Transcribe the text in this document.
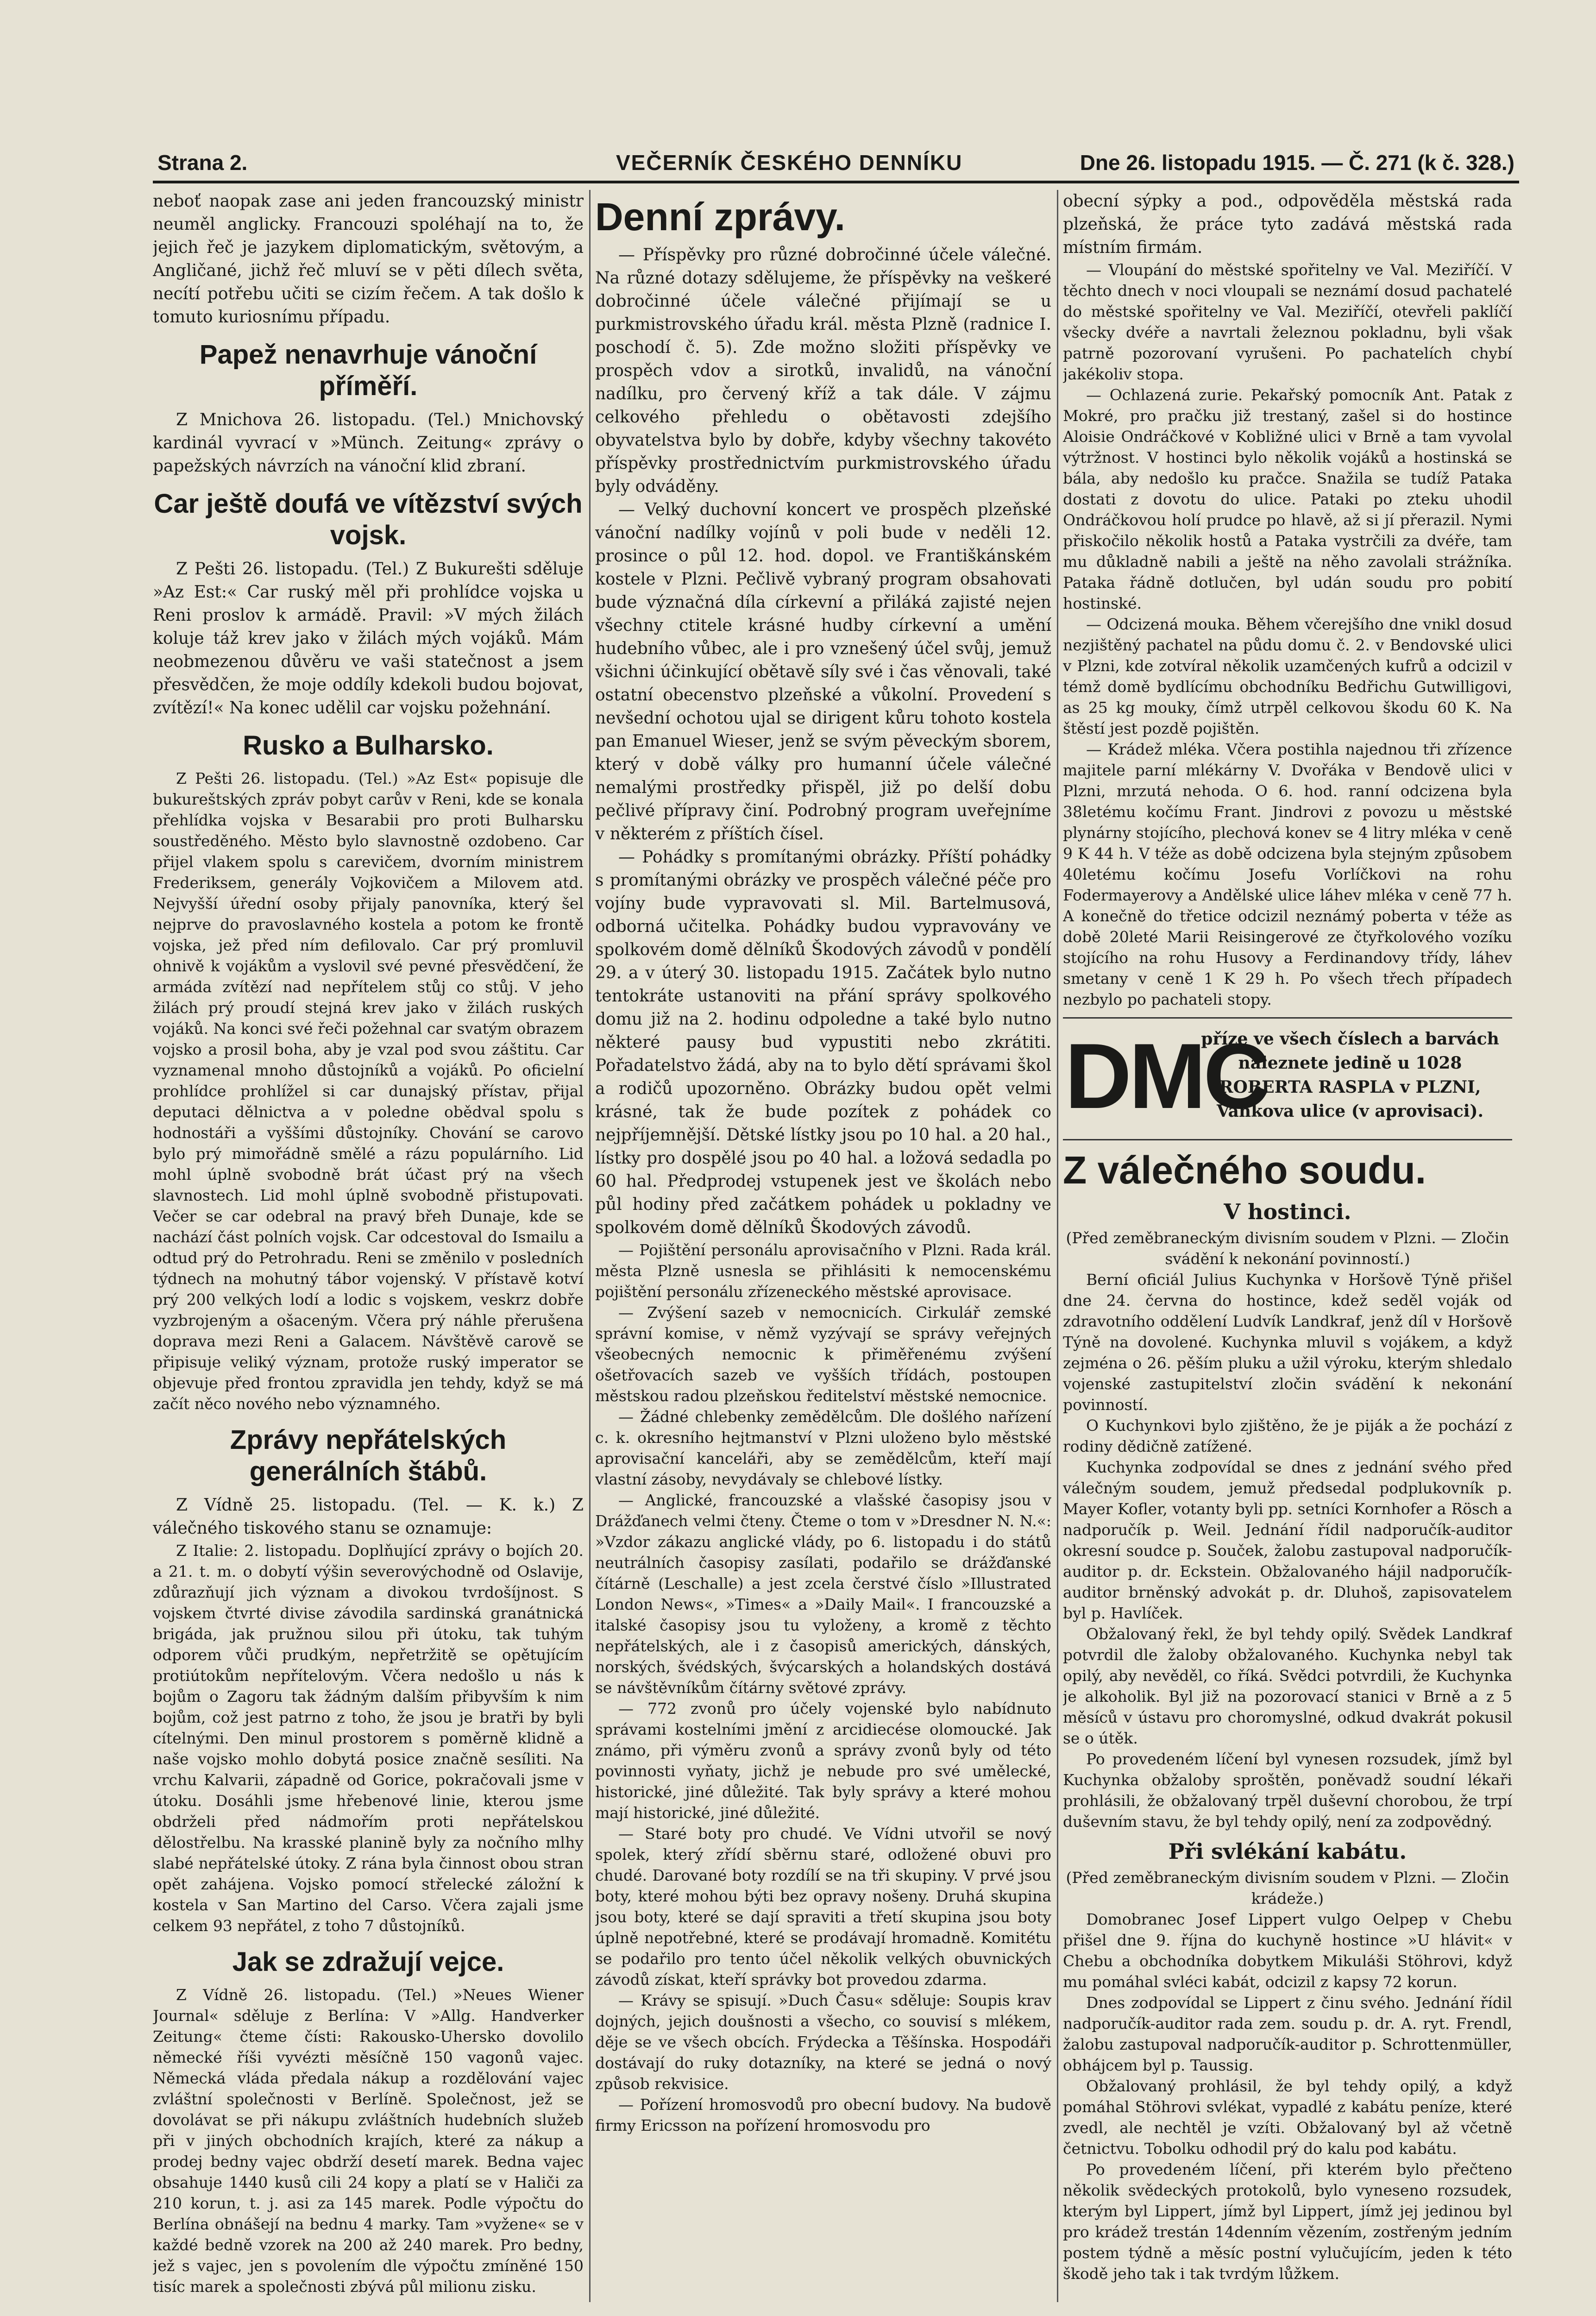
Strana 2.	VEČERNÍK ČESKÉHO DENNÍKU	Dne 26. listopadu 1915. — Č. 271 (k č. 328.)

neboť naopak zase ani jeden francouzský ministr neuměl anglicky. Francouzi spoléhají na to, že jejich řeč je jazykem diplomatickým, světovým, a Angličané, jichž řeč mluví se v pěti dílech světa, necítí potřebu učiti se cizím řečem. A tak došlo k tomuto kuriosnímu případu.

Papež nenavrhuje vánoční příměří.

Z Mnichova 26. listopadu. (Tel.) Mnichovský kardinál vyvrací v »Münch. Zeitung« zprávy o papežských návrzích na vánoční klid zbraní.

Car ještě doufá ve vítězství svých vojsk.

Z Pešti 26. listopadu. (Tel.) Z Bukurešti sděluje »Az Est:« Car ruský měl při prohlídce vojska u Reni proslov k armádě. Pravil: »V mých žilách koluje táž krev jako v žilách mých vojáků. Mám neobmezenou důvěru ve vaši statečnost a jsem přesvědčen, že moje oddíly kdekoli budou bojovat, zvítězí!« Na konec udělil car vojsku požehnání.

Rusko a Bulharsko.

Z Pešti 26. listopadu. (Tel.) »Az Est« popisuje dle bukureštských zpráv pobyt carův v Reni, kde se konala přehlídka vojska v Besarabii pro proti Bulharsku soustředěného. Město bylo slavnostně ozdobeno. Car přijel vlakem spolu s carevičem, dvorním ministrem Frederiksem, generály Vojkovičem a Milovem atd. Nejvyšší úřední osoby přijaly panovníka, který šel nejprve do pravoslavného kostela a potom ke frontě vojska, jež před ním defilovalo. Car prý promluvil ohnivě k vojákům a vyslovil své pevné přesvědčení, že armáda zvítězí nad nepřítelem stůj co stůj. V jeho žilách prý proudí stejná krev jako v žilách ruských vojáků. Na konci své řeči požehnal car svatým obrazem vojsko a prosil boha, aby je vzal pod svou záštitu. Car vyznamenal mnoho důstojníků a vojáků. Po oficielní prohlídce prohlížel si car dunajský přístav, přijal deputaci dělnictva a v poledne obědval spolu s hodnostáři a vyššími důstojníky. Chování se carovo bylo prý mimořádně smělé a rázu populárního. Lid mohl úplně svobodně brát účast prý na všech slavnostech. Lid mohl úplně svobodně přistupovati. Večer se car odebral na pravý břeh Dunaje, kde se nachází část polních vojsk. Car odcestoval do Ismailu a odtud prý do Petrohradu. Reni se změnilo v posledních týdnech na mohutný tábor vojenský. V přístavě kotví prý 200 velkých lodí a lodic s vojskem, veskrz dobře vyzbrojeným a ošaceným. Včera prý náhle přerušena doprava mezi Reni a Galacem. Návštěvě carově se připisuje veliký význam, protože ruský imperator se objevuje před frontou zpravidla jen tehdy, když se má začít něco nového nebo významného.

Zprávy nepřátelských generálních štábů.

Z Vídně 25. listopadu. (Tel. — K. k.) Z válečného tiskového stanu se oznamuje:

Z Italie: 2. listopadu. Doplňující zprávy o bojích 20. a 21. t. m. o dobytí výšin severovýchodně od Oslavije, zdůrazňují jich význam a divokou tvrdošíjnost. S vojskem čtvrté divise závodila sardinská granátnická brigáda, jak pružnou silou při útoku, tak tuhým odporem vůči prudkým, nepřetržitě se opětujícím protiútokům nepřítelovým. Včera nedošlo u nás k bojům o Zagoru tak žádným dalším přibyvším k nim bojům, což jest patrno z toho, že jsou je bratři by byli cítelnými. Den minul prostorem s poměrně klidně a naše vojsko mohlo dobytá posice značně sesíliti. Na vrchu Kalvarii, západně od Gorice, pokračovali jsme v útoku. Dosáhli jsme hřebenové linie, kterou jsme obdrželi před nádmořím proti nepřátelskou dělostřelbu. Na krasské planině byly za nočního mlhy slabé nepřátelské útoky. Z rána byla činnost obou stran opět zahájena. Vojsko pomocí střelecké záložní k kostela v San Martino del Carso. Včera zajali jsme celkem 93 nepřátel, z toho 7 důstojníků.

Jak se zdražují vejce.

Z Vídně 26. listopadu. (Tel.) »Neues Wiener Journal« sděluje z Berlína: V »Allg. Handverker Zeitung« čteme čísti: Rakousko-Uhersko dovolilo německé říši vyvézti měsíčně 150 vagonů vajec. Německá vláda předala nákup a rozdělování vajec zvláštní společnosti v Berlíně. Společnost, jež se dovolávat se při nákupu zvláštních hudebních služeb při v jiných obchodních krajích, které za nákup a prodej bedny vajec obdrží desetí marek. Bedna vajec obsahuje 1440 kusů cili 24 kopy a platí se v Haliči za 210 korun, t. j. asi za 145 marek. Podle výpočtu do Berlína obnášejí na bednu 4 marky. Tam »vyžene« se v každé bedně vzorek na 200 až 240 marek. Pro bedny, jež s vajec, jen s povolením dle výpočtu zmíněné 150 tisíc marek a společnosti zbývá půl milionu zisku.

Denní zprávy.

— Příspěvky pro různé dobročinné účele válečné. Na různé dotazy sdělujeme, že příspěvky na veškeré dobročinné účele válečné přijímají se u purkmistrovského úřadu král. města Plzně (radnice I. poschodí č. 5). Zde možno složiti příspěvky ve prospěch vdov a sirotků, invalidů, na vánoční nadílku, pro červený kříž a tak dále. V zájmu celkového přehledu o obětavosti zdejšího obyvatelstva bylo by dobře, kdyby všechny takovéto příspěvky prostřednictvím purkmistrovského úřadu byly odváděny.

— Velký duchovní koncert ve prospěch plzeňské vánoční nadílky vojínů v poli bude v neděli 12. prosince o půl 12. hod. dopol. ve Františkánském kostele v Plzni. Pečlivě vybraný program obsahovati bude význačná díla církevní a přiláká zajisté nejen všechny ctitele krásné hudby církevní a umění hudebního vůbec, ale i pro vznešený účel svůj, jemuž všichni účinkující obětavě síly své i čas věnovali, také ostatní obecenstvo plzeňské a vůkolní. Provedení s nevšední ochotou ujal se dirigent kůru tohoto kostela pan Emanuel Wieser, jenž se svým pěveckým sborem, který v době války pro humanní účele válečné nemalými prostředky přispěl, již po delší dobu pečlivé přípravy činí. Podrobný program uveřejníme v některém z příštích čísel.

— Pohádky s promítanými obrázky. Příští pohádky s promítanými obrázky ve prospěch válečné péče pro vojíny bude vypravovati sl. Mil. Bartelmusová, odborná učitelka. Pohádky budou vypravovány ve spolkovém domě dělníků Škodových závodů v pondělí 29. a v úterý 30. listopadu 1915. Začátek bylo nutno tentokráte ustanoviti na přání správy spolkového domu již na 2. hodinu odpoledne a také bylo nutno některé pausy bud vypustiti nebo zkrátiti. Pořadatelstvo žádá, aby na to bylo dětí správami škol a rodičů upozorněno. Obrázky budou opět velmi krásné, tak že bude pozítek z pohádek co nejpříjemnější. Dětské lístky jsou po 10 hal. a 20 hal., lístky pro dospělé jsou po 40 hal. a ložová sedadla po 60 hal. Předprodej vstupenek jest ve školách nebo půl hodiny před začátkem pohádek u pokladny ve spolkovém domě dělníků Škodových závodů.

— Pojištění personálu aprovisačního v Plzni. Rada král. města Plzně usnesla se přihlásiti k nemocenskému pojištění personálu zřízeneckého městské aprovisace.

— Zvýšení sazeb v nemocnicích. Cirkulář zemské správní komise, v němž vyzývají se správy veřejných všeobecných nemocnic k přiměřenému zvýšení ošetřovacích sazeb ve vyšších třídách, postoupen městskou radou plzeňskou ředitelství městské nemocnice.

— Žádné chlebenky zemědělcům. Dle došlého nařízení c. k. okresního hejtmanství v Plzni uloženo bylo městské aprovisační kanceláři, aby se zemědělcům, kteří mají vlastní zásoby, nevydávaly se chlebové lístky.

— Anglické, francouzské a vlašské časopisy jsou v Drážďanech velmi čteny. Čteme o tom v »Dresdner N. N.«: »Vzdor zákazu anglické vlády, po 6. listopadu i do států neutrálních časopisy zasílati, podařilo se drážďanské čítárně (Leschalle) a jest zcela čerstvé číslo »Illustrated London News«, »Times« a »Daily Mail«. I francouzské a italské časopisy jsou tu vyloženy, a kromě z těchto nepřátelských, ale i z časopisů amerických, dánských, norských, švédských, švýcarských a holandských dostává se návštěvníkům čítárny světové zprávy.

— 772 zvonů pro účely vojenské bylo nabídnuto správami kostelními jmění z arcidiecése olomoucké. Jak známo, při výměru zvonů a správy zvonů byly od této povinnosti vyňaty, jichž je nebude pro své umělecké, historické, jiné důležité. Tak byly správy a které mohou mají historické, jiné důležité.

— Staré boty pro chudé. Ve Vídni utvořil se nový spolek, který zřídí sběrnu staré, odložené obuvi pro chudé. Darované boty rozdílí se na tři skupiny. V prvé jsou boty, které mohou býti bez opravy nošeny. Druhá skupina jsou boty, které se dají spraviti a třetí skupina jsou boty úplně nepotřebné, které se prodávají hromadně. Komitétu se podařilo pro tento účel několik velkých obuvnických závodů získat, kteří správky bot provedou zdarma.

— Krávy se spisují. »Duch Času« sděluje: Soupis krav dojných, jejich doušnosti a všecho, co souvisí s mlékem, děje se ve všech obcích. Frýdecka a Těšínska. Hospodáři dostávají do ruky dotazníky, na které se jedná o nový způsob rekvisice.

— Pořízení hromosvodů pro obecní budovy. Na budově firmy Ericsson na pořízení hromosvodu pro

obecní sýpky a pod., odpověděla městská rada plzeňská, že práce tyto zadává městská rada místním firmám.

— Vloupání do městské spořitelny ve Val. Meziříčí. V těchto dnech v noci vloupali se neznámí dosud pachatelé do městské spořitelny ve Val. Meziříčí, otevřeli paklíčí všecky dvéře a navrtali železnou pokladnu, byli však patrně pozorovaní vyrušeni. Po pachatelích chybí jakékoliv stopa.

— Ochlazená zurie. Pekařský pomocník Ant. Patak z Mokré, pro pračku již trestaný, zašel si do hostince Aloisie Ondráčkové v Kobližné ulici v Brně a tam vyvolal výtržnost. V hostinci bylo několik vojáků a hostinská se bála, aby nedošlo ku pračce. Snažila se tudíž Pataka dostati z dovotu do ulice. Pataki po zteku uhodil Ondráčkovou holí prudce po hlavě, až si jí přerazil. Nymi přiskočilo několik hostů a Pataka vystrčili za dvéře, tam mu důkladně nabili a ještě na něho zavolali strážníka. Pataka řádně dotlučen, byl udán soudu pro pobití hostinské.

— Odcizená mouka. Během včerejšího dne vnikl dosud nezjištěný pachatel na půdu domu č. 2. v Bendovské ulici v Plzni, kde zotvíral několik uzamčených kufrů a odcizil v témž domě bydlícímu obchodníku Bedřichu Gutwilligovi, as 25 kg mouky, čímž utrpěl celkovou škodu 60 K. Na štěstí jest pozdě pojištěn.

— Krádež mléka. Včera postihla najednou tři zřízence majitele parní mlékárny V. Dvořáka v Bendově ulici v Plzni, mrzutá nehoda. O 6. hod. ranní odcizena byla 38letému kočímu Frant. Jindrovi z povozu u městské plynárny stojícího, plechová konev se 4 litry mléka v ceně 9 K 44 h. V téže as době odcizena byla stejným způsobem 40letému kočímu Josefu Vorlíčkovi na rohu Fodermayerovy a Andělské ulice láhev mléka v ceně 77 h. A konečně do třetice odcizil neznámý poberta v téže as době 20leté Marii Reisingerové ze čtyřkolového vozíku stojícího na rohu Husovy a Ferdinandovy třídy, láhev smetany v ceně 1 K 29 h. Po všech třech případech nezbylo po pachateli stopy.

DMC
příze ve všech číslech a barvách
naleznete jedině u 1028
ROBERTA RASPLA v PLZNI,
Vankova ulice (v aprovisaci).
Z válečného soudu.
V hostinci.

(Před zeměbraneckým divisním soudem v Plzni. — Zločin svádění k nekonání povinností.)

Berní oficiál Julius Kuchynka v Horšově Týně přišel dne 24. června do hostince, kdež seděl voják od zdravotního oddělení Ludvík Landkraf, jenž díl v Horšově Týně na dovolené. Kuchynka mluvil s vojákem, a když zejména o 26. pěším pluku a užil výroku, kterým shledalo vojenské zastupitelství zločin svádění k nekonání povinností.

O Kuchynkovi bylo zjištěno, že je piják a že pochází z rodiny dědičně zatížené.

Kuchynka zodpovídal se dnes z jednání svého před válečným soudem, jemuž předsedal podplukovník p. Mayer Kofler, votanty byli pp. setníci Kornhofer a Rösch a nadporučík p. Weil. Jednání řídil nadporučík-auditor okresní soudce p. Souček, žalobu zastupoval nadporučík-auditor p. dr. Eckstein. Obžalovaného hájil nadporučík-auditor brněnský advokát p. dr. Dluhoš, zapisovatelem byl p. Havlíček.

Obžalovaný řekl, že byl tehdy opilý. Svědek Landkraf potvrdil dle žaloby obžalovaného. Kuchynka nebyl tak opilý, aby nevěděl, co říká. Svědci potvrdili, že Kuchynka je alkoholik. Byl již na pozorovací stanici v Brně a z 5 měsíců v ústavu pro choromyslné, odkud dvakrát pokusil se o útěk.

Po provedeném líčení byl vynesen rozsudek, jímž byl Kuchynka obžaloby sproštěn, poněvadž soudní lékaři prohlásili, že obžalovaný trpěl duševní chorobou, že trpí duševním stavu, že byl tehdy opilý, není za zodpovědný.

Při svlékání kabátu.

(Před zeměbraneckým divisním soudem v Plzni. — Zločin krádeže.)

Domobranec Josef Lippert vulgo Oelpep v Chebu přišel dne 9. října do kuchyně hostince »U hlávit« v Chebu a obchodníka dobytkem Mikuláši Stöhrovi, když mu pomáhal svléci kabát, odcizil z kapsy 72 korun.

Dnes zodpovídal se Lippert z činu svého. Jednání řídil nadporučík-auditor rada zem. soudu p. dr. A. ryt. Frendl, žalobu zastupoval nadporučík-auditor p. Schrottenmüller, obhájcem byl p. Taussig.

Obžalovaný prohlásil, že byl tehdy opilý, a když pomáhal Stöhrovi svlékat, vypadlé z kabátu peníze, které zvedl, ale nechtěl je vzíti. Obžalovaný byl až včetně četnictvu. Tobolku odhodil prý do kalu pod kabátu.

Po provedeném líčení, při kterém bylo přečteno několik svědeckých protokolů, bylo vyneseno rozsudek, kterým byl Lippert, jímž byl Lippert, jímž jej jedinou byl pro krádež trestán 14denním vězením, zostřeným jedním postem týdně a měsíc postní vylučujícím, jeden k této škodě jeho tak i tak tvrdým lůžkem.
